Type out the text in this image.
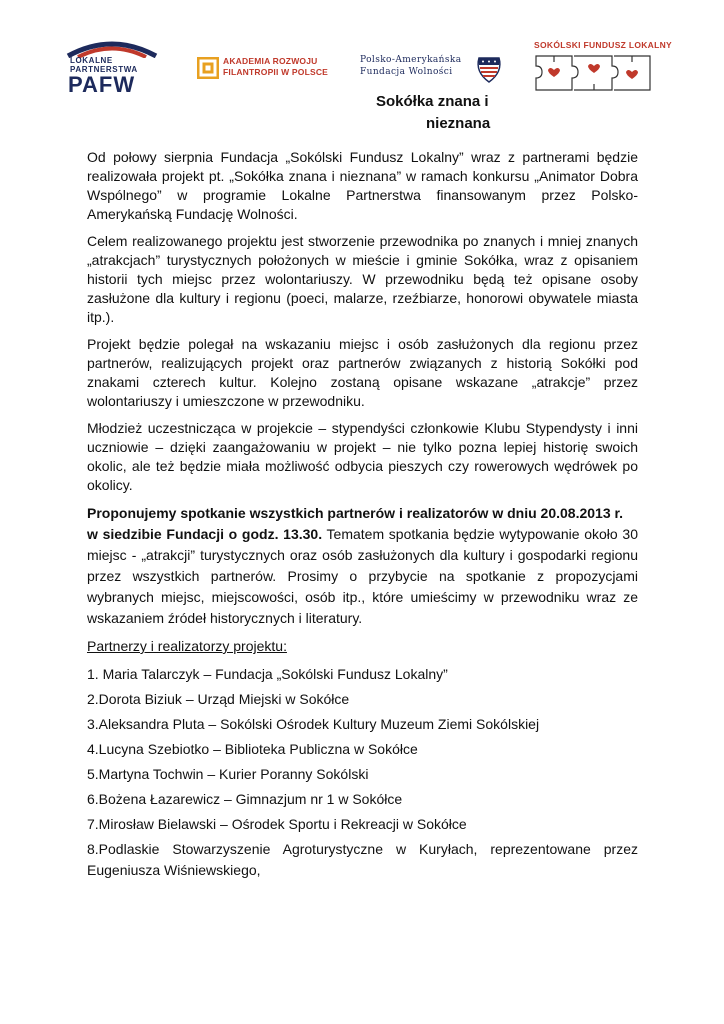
LOKALNE
PARTNERSTWA
PAFW
AKADEMIA ROZWOJU
FILANTROPII W POLSCE
Polsko-Amerykańska
Fundacja Wolności
SOKÓLSKI FUNDUSZ LOKALNY
Sokółka znana i
nieznana

Od połowy sierpnia Fundacja „Sokólski Fundusz Lokalny” wraz z partnerami będzie realizowała projekt pt. „Sokółka znana i nieznana” w ramach konkursu „Animator Dobra Wspólnego” w programie Lokalne Partnerstwa finansowanym przez Polsko-Amerykańską Fundację Wolności.

Celem realizowanego projektu jest stworzenie przewodnika po znanych i mniej znanych „atrakcjach” turystycznych położonych w mieście i gminie Sokółka, wraz z opisaniem historii tych miejsc przez wolontariuszy. W przewodniku będą też opisane osoby zasłużone dla kultury i regionu (poeci, malarze, rzeźbiarze, honorowi obywatele miasta itp.).

Projekt będzie polegał na wskazaniu miejsc i osób zasłużonych dla regionu przez partnerów, realizujących projekt oraz partnerów związanych z historią Sokółki pod znakami czterech kultur. Kolejno zostaną opisane wskazane „atrakcje” przez wolontariuszy i umieszczone w przewodniku.

Młodzież uczestnicząca w projekcie – stypendyści członkowie Klubu Stypendysty i inni uczniowie – dzięki zaangażowaniu w projekt – nie tylko pozna lepiej historię swoich okolic, ale też będzie miała możliwość odbycia pieszych czy rowerowych wędrówek po okolicy.

Proponujemy spotkanie wszystkich partnerów i realizatorów w dniu 20.08.2013 r.
w siedzibie Fundacji o godz. 13.30. Tematem spotkania będzie wytypowanie około 30 miejsc - „atrakcji” turystycznych oraz osób zasłużonych dla kultury i gospodarki regionu przez wszystkich partnerów. Prosimy o przybycie na spotkanie z propozycjami wybranych miejsc, miejscowości, osób itp., które umieścimy w przewodniku wraz ze wskazaniem źródeł historycznych i literatury.

Partnerzy i realizatorzy projektu:

1. Maria Talarczyk – Fundacja „Sokólski Fundusz Lokalny”
2.Dorota Biziuk – Urząd Miejski w Sokółce
3.Aleksandra Pluta – Sokólski Ośrodek Kultury Muzeum Ziemi Sokólskiej
4.Lucyna Szebiotko – Biblioteka Publiczna w Sokółce
5.Martyna Tochwin – Kurier Poranny Sokólski
6.Bożena Łazarewicz – Gimnazjum nr 1 w Sokółce
7.Mirosław Bielawski – Ośrodek Sportu i Rekreacji w Sokółce
8.Podlaskie Stowarzyszenie Agroturystyczne w Kuryłach, reprezentowane przez Eugeniusza Wiśniewskiego,
